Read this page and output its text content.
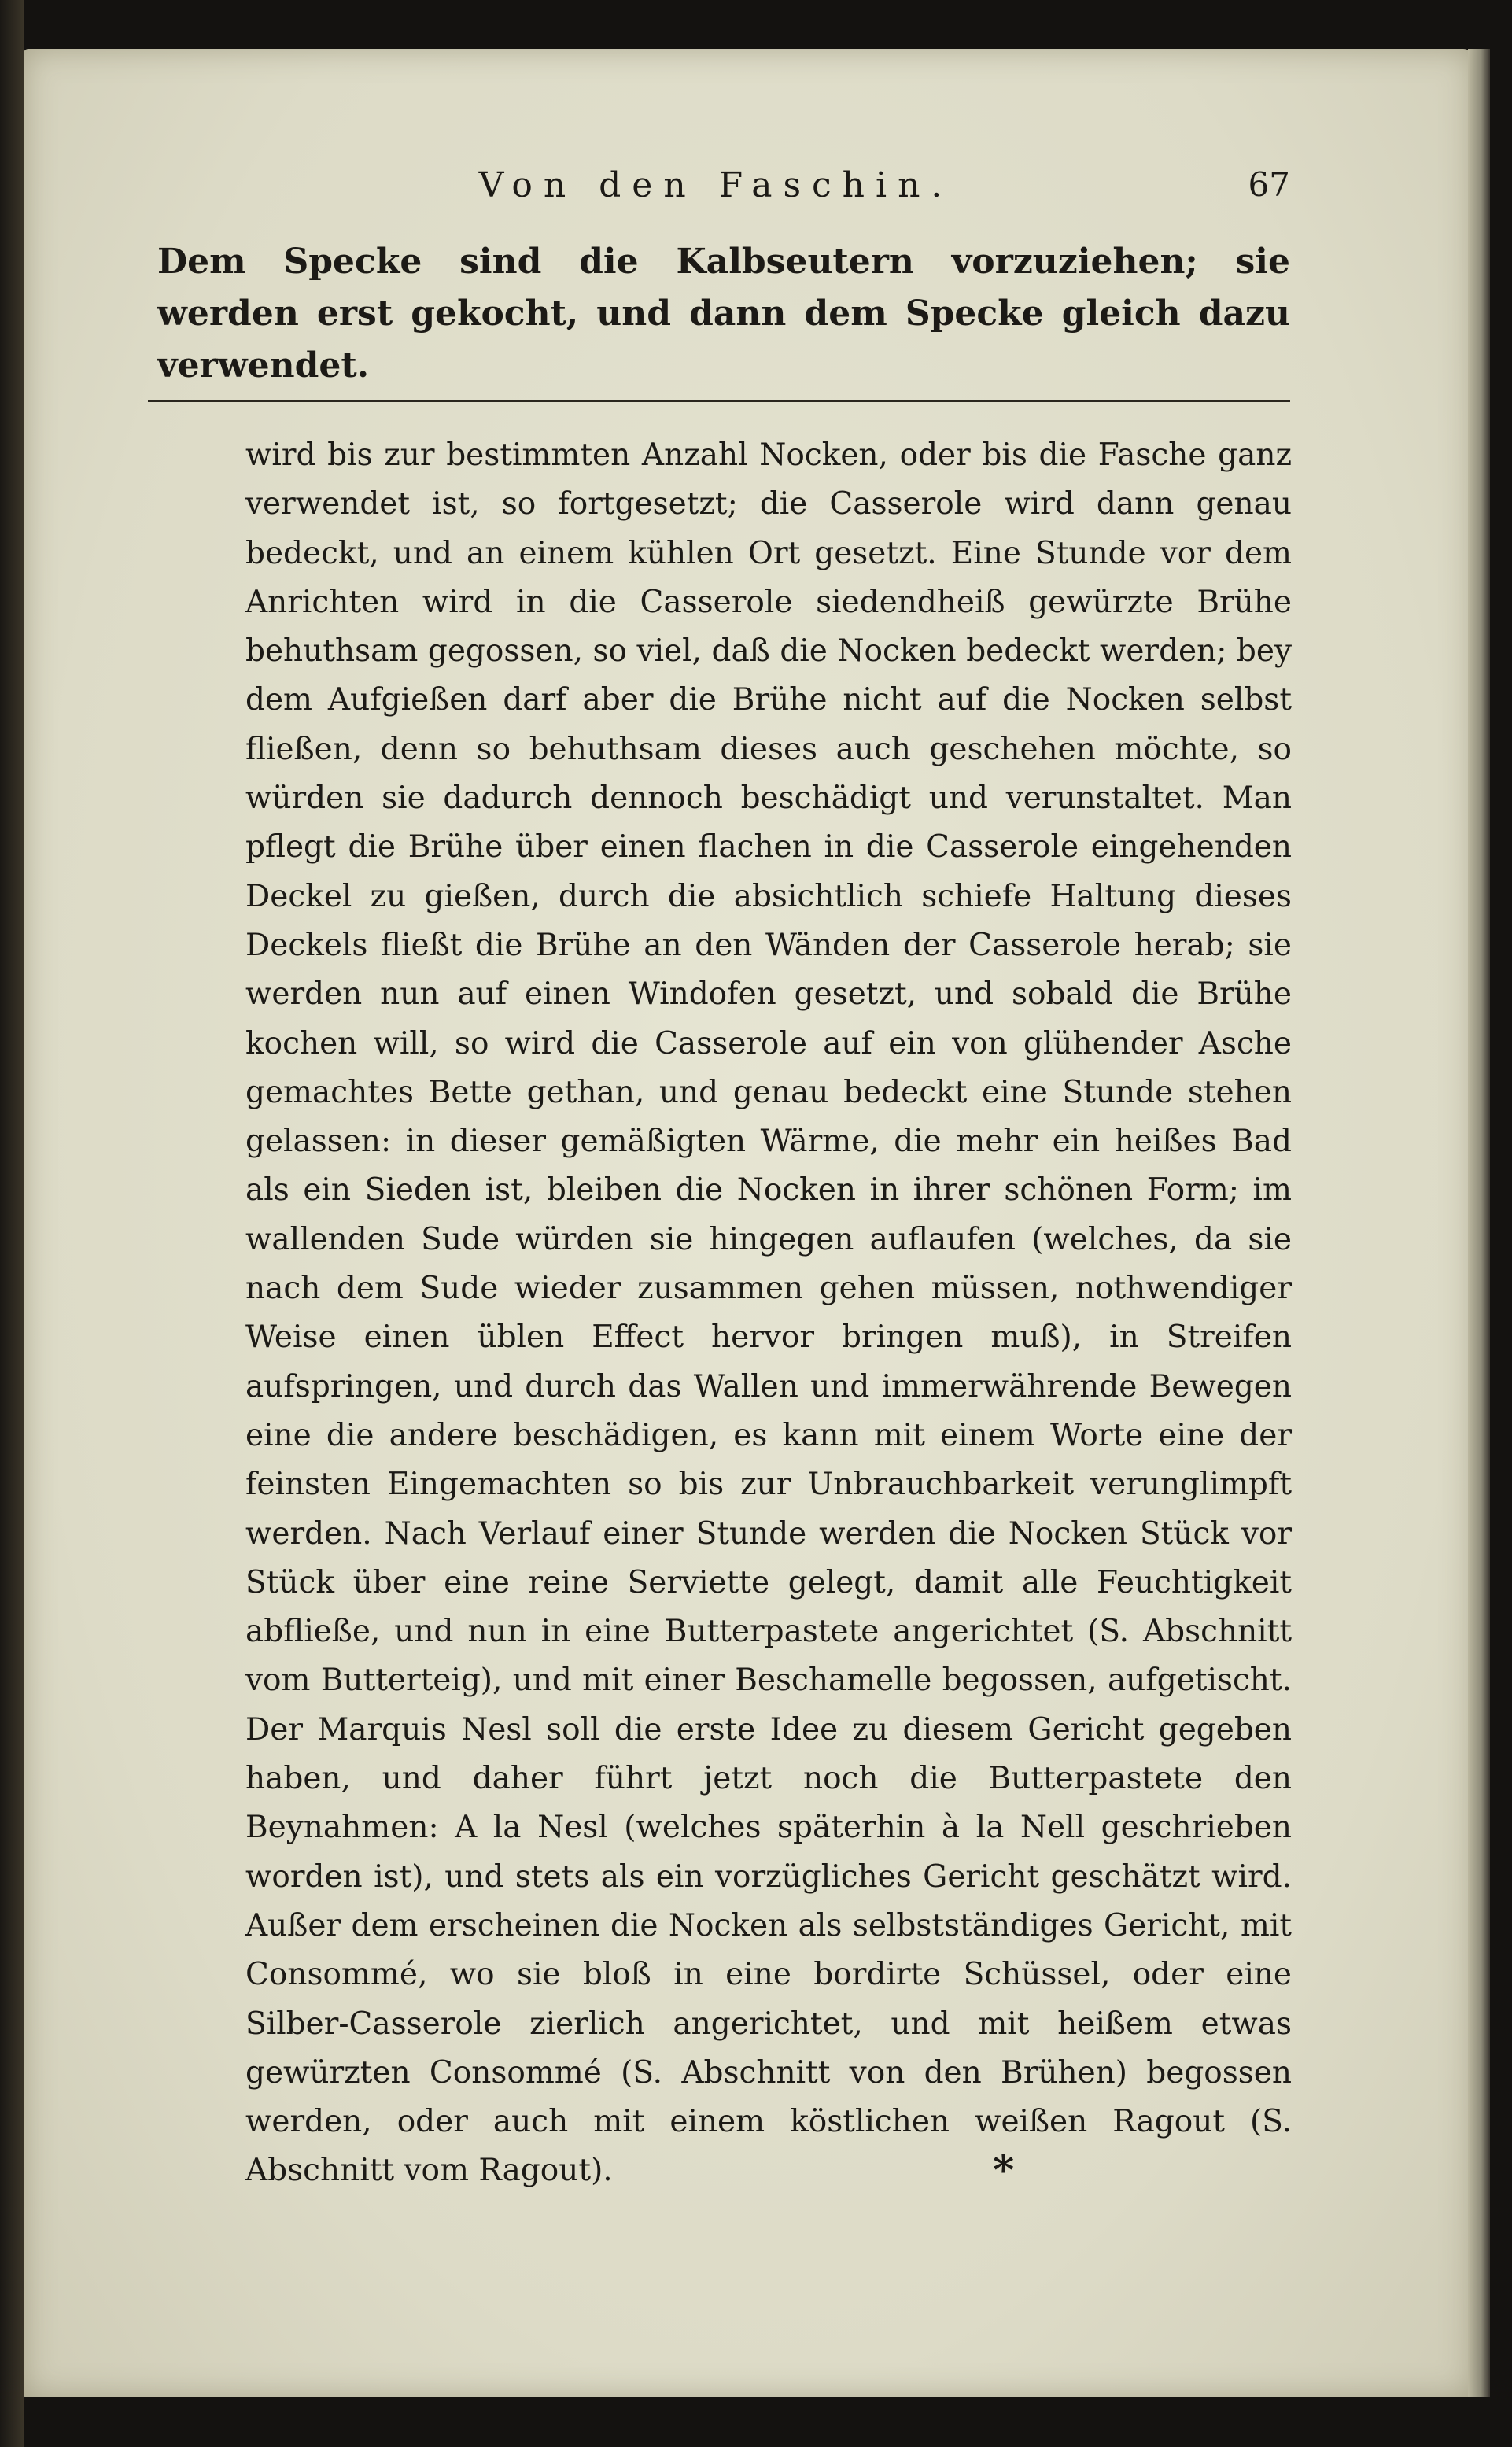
Von den Faschin.	67
Dem Specke sind die Kalbseutern vorzuziehen; sie werden erst gekocht, und dann dem Specke gleich dazu verwendet.

wird bis zur bestimmten Anzahl Nocken, oder bis die Fasche ganz verwendet ist, so fortgesetzt; die Casserole wird dann genau bedeckt, und an einem kühlen Ort gesetzt. Eine Stunde vor dem Anrichten wird in die Casserole siedendheiß gewürzte Brühe behuthsam gegossen, so viel, daß die Nocken bedeckt werden; bey dem Aufgießen darf aber die Brühe nicht auf die Nocken selbst fließen, denn so behuthsam dieses auch geschehen möchte, so würden sie dadurch dennoch beschädigt und verunstaltet. Man pflegt die Brühe über einen flachen in die Casserole eingehenden Deckel zu gießen, durch die absichtlich schiefe Haltung dieses Deckels fließt die Brühe an den Wänden der Casserole herab; sie werden nun auf einen Windofen gesetzt, und sobald die Brühe kochen will, so wird die Casserole auf ein von glühender Asche gemachtes Bette gethan, und genau bedeckt eine Stunde stehen gelassen: in dieser gemäßigten Wärme, die mehr ein heißes Bad als ein Sieden ist, bleiben die Nocken in ihrer schönen Form; im wallenden Sude würden sie hingegen auflaufen (welches, da sie nach dem Sude wieder zusammen gehen müssen, nothwendiger Weise einen üblen Effect hervor bringen muß), in Streifen aufspringen, und durch das Wallen und immerwährende Bewegen eine die andere beschädigen, es kann mit einem Worte eine der feinsten Eingemachten so bis zur Unbrauchbarkeit verunglimpft werden. Nach Verlauf einer Stunde werden die Nocken Stück vor Stück über eine reine Serviette gelegt, damit alle Feuchtigkeit abfließe, und nun in eine Butterpastete angerichtet (S. Abschnitt vom Butterteig), und mit einer Beschamelle begossen, aufgetischt. Der Marquis Nesl soll die erste Idee zu diesem Gericht gegeben haben, und daher führt jetzt noch die Butterpastete den Beynahmen: A la Nesl (welches späterhin à la Nell geschrieben worden ist), und stets als ein vorzügliches Gericht geschätzt wird. Außer dem erscheinen die Nocken als selbstständiges Gericht, mit Consommé, wo sie bloß in eine bordirte Schüssel, oder eine Silber-Casserole zierlich angerichtet, und mit heißem etwas gewürzten Consommé (S. Abschnitt von den Brühen) begossen werden, oder auch mit einem köstlichen weißen Ragout (S. Abschnitt vom Ragout).	*
